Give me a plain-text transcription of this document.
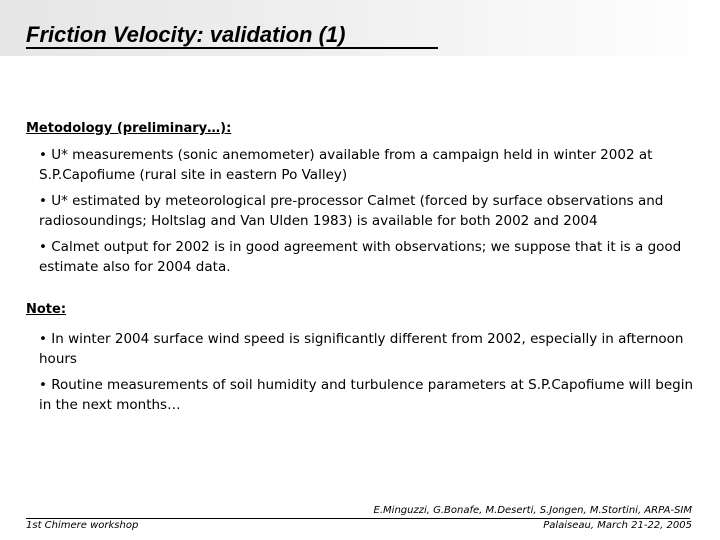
Friction Velocity: validation (1)
Metodology (preliminary…):
• U* measurements (sonic anemometer) available from a campaign held in winter 2002 at S.P.Capofiume (rural site in eastern Po Valley)
• U* estimated by meteorological pre-processor Calmet (forced by surface observations and radiosoundings; Holtslag and Van Ulden 1983) is available for both 2002 and 2004
• Calmet output for 2002 is in good agreement with observations; we suppose that it is a good estimate also for 2004 data.
Note:
• In winter 2004 surface wind speed is significantly different from 2002, especially in afternoon hours
• Routine measurements of soil humidity and turbulence parameters at S.P.Capofiume will begin in the next months…
E.Minguzzi, G.Bonafe, M.Deserti, S.Jongen, M.Stortini, ARPA-SIM
Palaiseau, March 21-22, 2005
1st Chimere workshop
